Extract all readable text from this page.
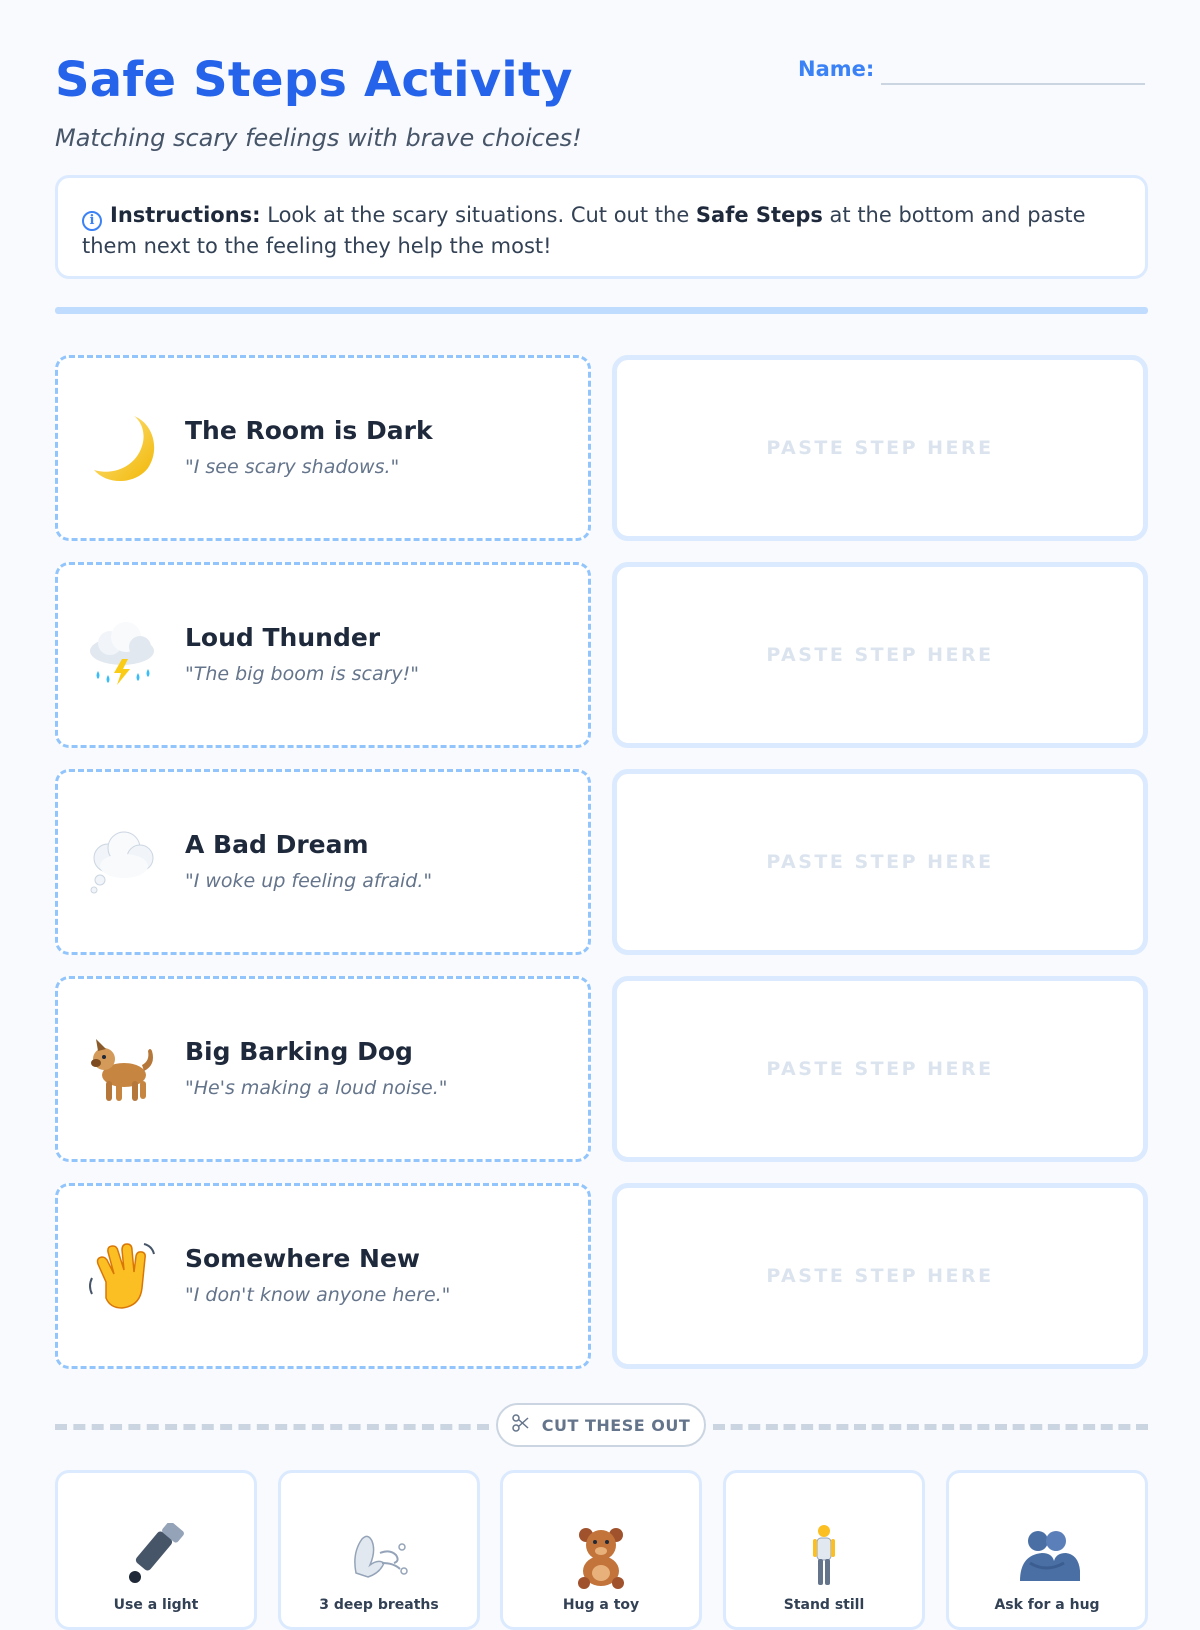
Safe Steps Activity	Name:
Matching scary feelings with brave choices!
i Instructions: Look at the scary situations. Cut out the Safe Steps at the bottom and paste them next to the feeling they help the most!
The Room is Dark
"I see scary shadows."
PASTE STEP HERE
Loud Thunder
"The big boom is scary!"
PASTE STEP HERE
A Bad Dream
"I woke up feeling afraid."
PASTE STEP HERE
Big Barking Dog
"He's making a loud noise."
PASTE STEP HERE
Somewhere New
"I don't know anyone here."
PASTE STEP HERE
CUT THESE OUT
Use a light	3 deep breaths	Hug a toy	Stand still	Ask for a hug
